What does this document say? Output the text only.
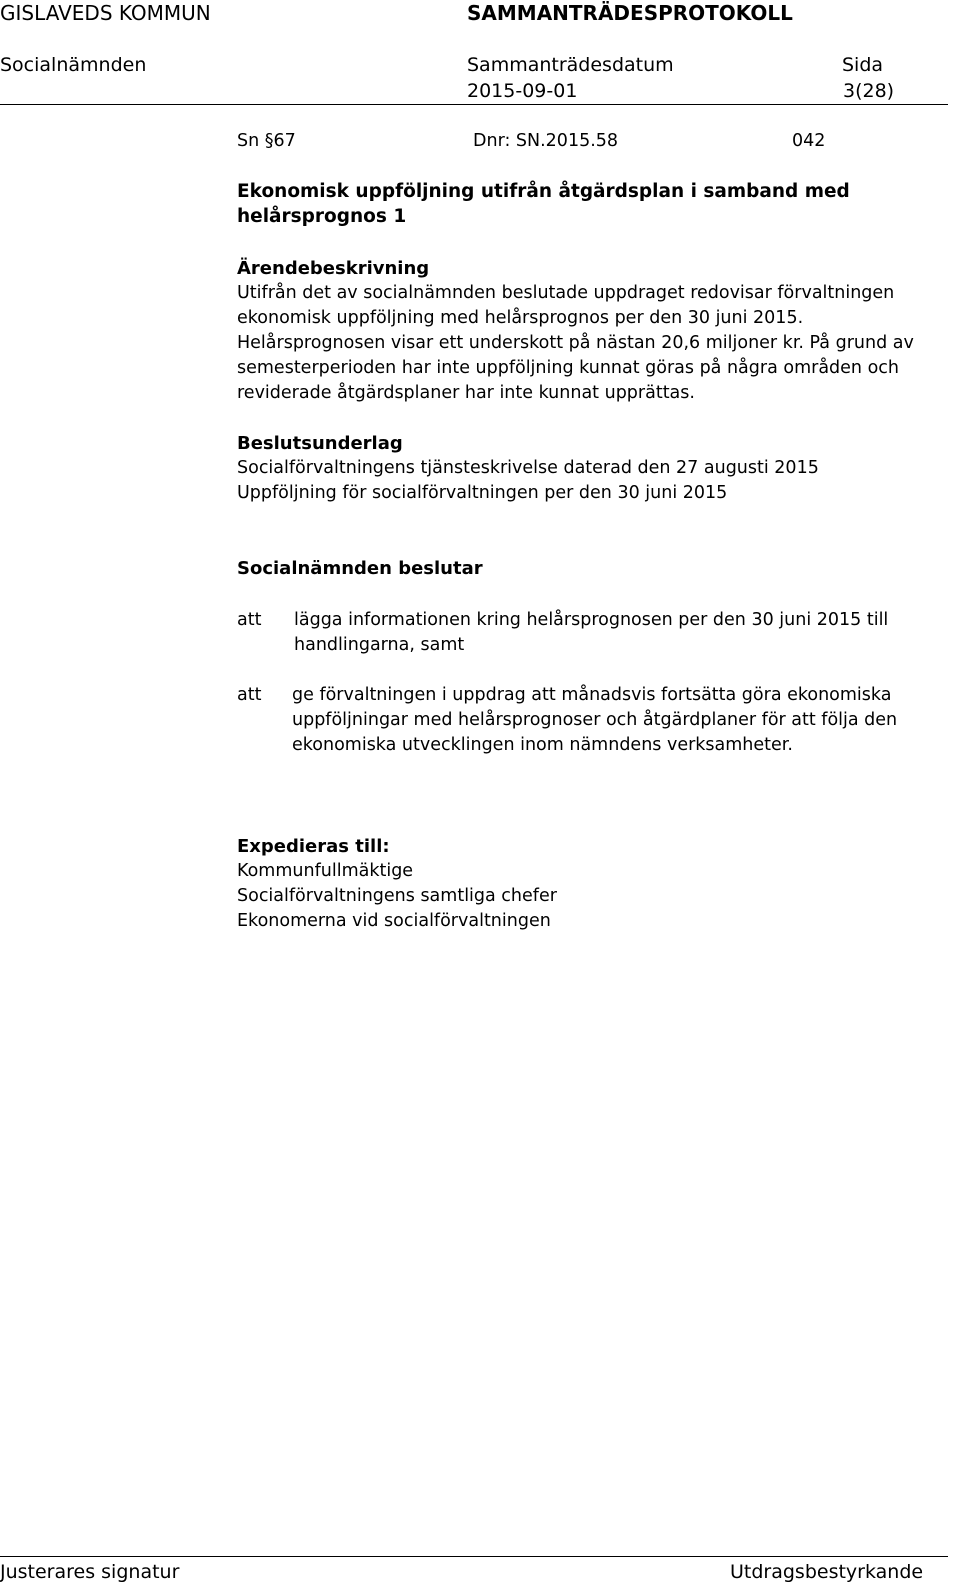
GISLAVEDS KOMMUN	SAMMANTRÄDESPROTOKOLL
Socialnämnden	Sammanträdesdatum	Sida
2015-09-01	3(28)
Sn §67	Dnr: SN.2015.58	042
Ekonomisk uppföljning utifrån åtgärdsplan i samband med
helårsprognos 1
Ärendebeskrivning
Utifrån det av socialnämnden beslutade uppdraget redovisar förvaltningen
ekonomisk uppföljning med helårsprognos per den 30 juni 2015.
Helårsprognosen visar ett underskott på nästan 20,6 miljoner kr. På grund av
semesterperioden har inte uppföljning kunnat göras på några områden och
reviderade åtgärdsplaner har inte kunnat upprättas.
Beslutsunderlag
Socialförvaltningens tjänsteskrivelse daterad den 27 augusti 2015
Uppföljning för socialförvaltningen per den 30 juni 2015
Socialnämnden beslutar
att lägga informationen kring helårsprognosen per den 30 juni 2015 till
handlingarna, samt
att ge förvaltningen i uppdrag att månadsvis fortsätta göra ekonomiska
uppföljningar med helårsprognoser och åtgärdplaner för att följa den
ekonomiska utvecklingen inom nämndens verksamheter.
Expedieras till:
Kommunfullmäktige
Socialförvaltningens samtliga chefer
Ekonomerna vid socialförvaltningen
Justerares signatur	Utdragsbestyrkande
